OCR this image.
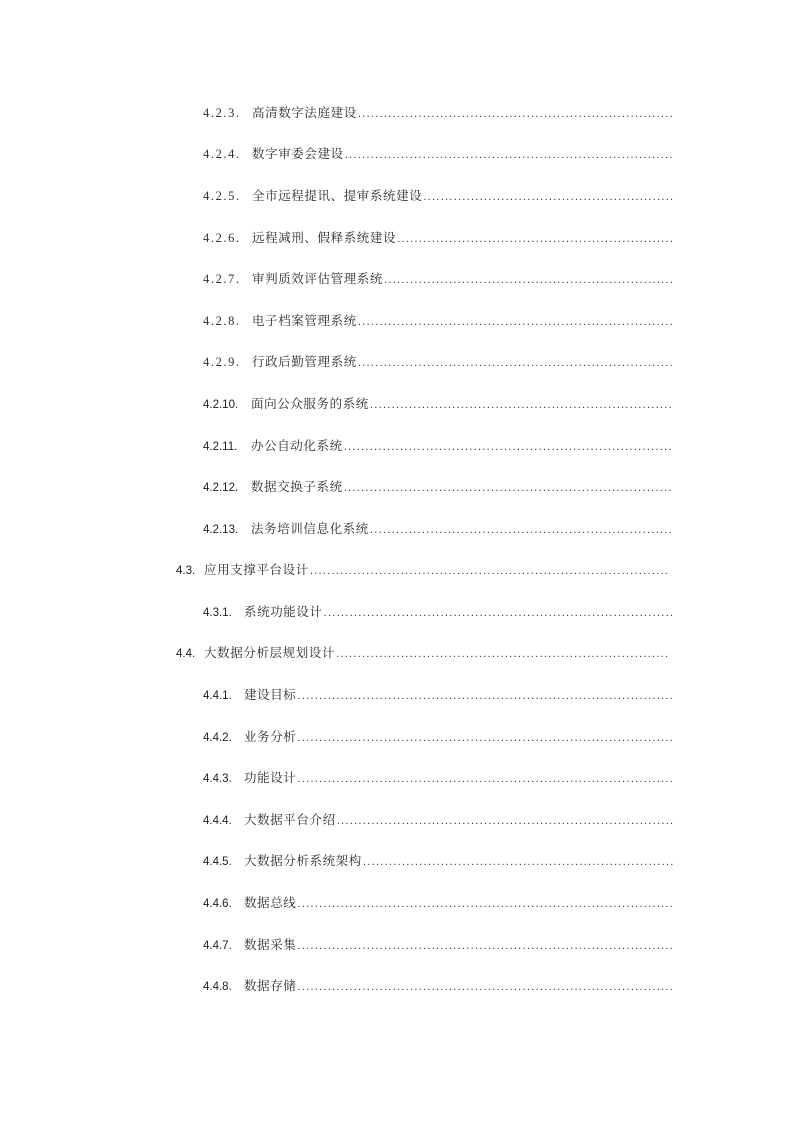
4.2.3. 高清数字法庭建设
.....
4.2.4. 数字审委会建设
.....
4.2.5. 全市远程提讯、提审系统建设
.....
4.2.6. 远程减刑、假释系统建设
.....
4.2.7. 审判质效评估管理系统
.....
4.2.8. 电子档案管理系统
.....
4.2.9. 行政后勤管理系统
.....
4.2.10.	面向公众服务的系统
.....
4.2.11.	办公自动化系统
.....
4.2.12.	数据交换子系统
.....
4.2.13.	法务培训信息化系统
.....
4.3. 应用支撑平台设计
.....
4.3.1. 系统功能设计
.....
4.4. 大数据分析层规划设计
.....
4.4.1. 建设目标
.....
4.4.2. 业务分析
.....
4.4.3. 功能设计
.....
4.4.4. 大数据平台介绍
.....
4.4.5. 大数据分析系统架构
.....
4.4.6. 数据总线
.....
4.4.7. 数据采集
.....
4.4.8. 数据存储
.....
